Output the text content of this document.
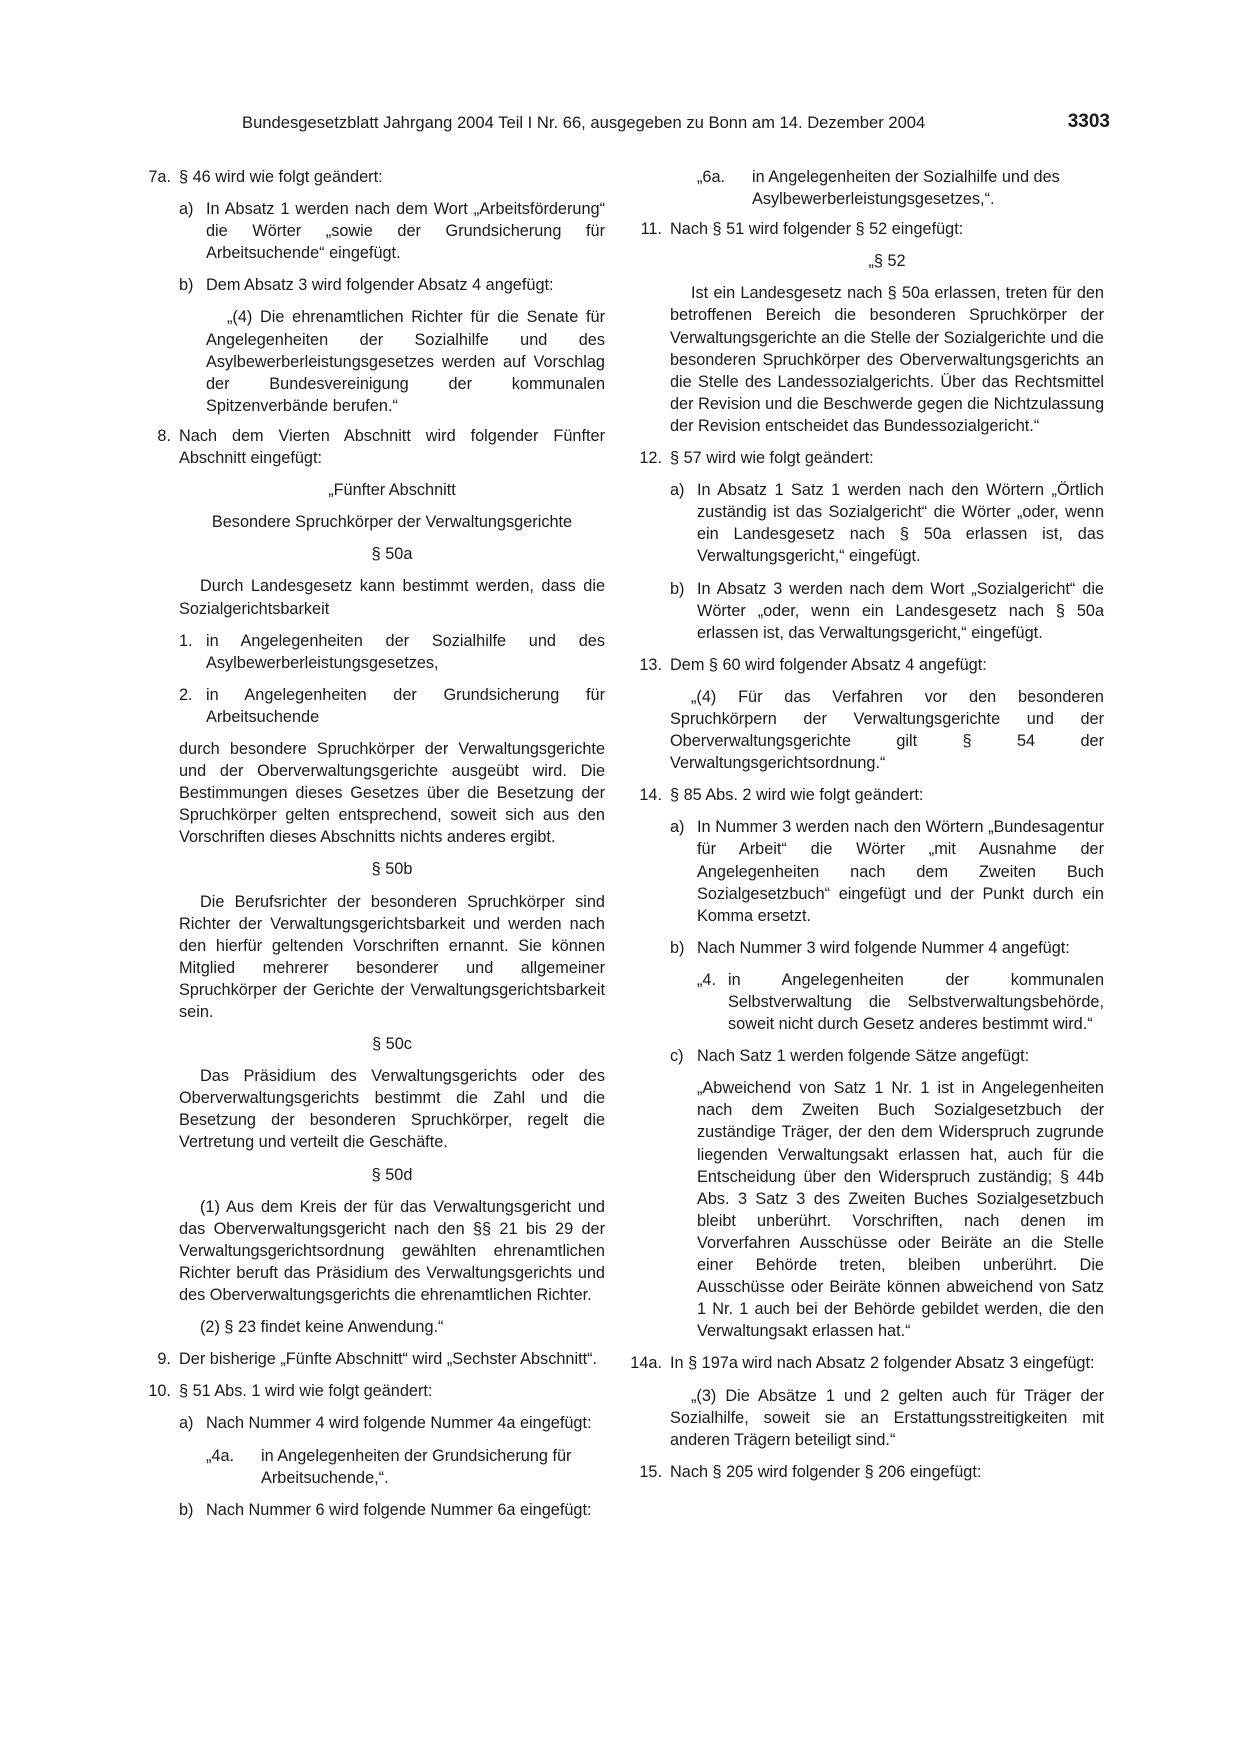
Bundesgesetzblatt Jahrgang 2004 Teil I Nr. 66, ausgegeben zu Bonn am 14. Dezember 2004	3303
7a. § 46 wird wie folgt geändert:

a) In Absatz 1 werden nach dem Wort „Arbeitsförderung“ die Wörter „sowie der Grundsicherung für Arbeitsuchende“ eingefügt.

b) Dem Absatz 3 wird folgender Absatz 4 angefügt:

„(4) Die ehrenamtlichen Richter für die Senate für Angelegenheiten der Sozialhilfe und des Asylbewerberleistungsgesetzes werden auf Vorschlag der Bundesvereinigung der kommunalen Spitzenverbände berufen.“

8. Nach dem Vierten Abschnitt wird folgender Fünfter Abschnitt eingefügt:

„Fünfter Abschnitt

Besondere Spruchkörper der Verwaltungsgerichte

§ 50a

Durch Landesgesetz kann bestimmt werden, dass die Sozialgerichtsbarkeit

1. in Angelegenheiten der Sozialhilfe und des Asylbewerberleistungsgesetzes,

2. in Angelegenheiten der Grundsicherung für Arbeitsuchende

durch besondere Spruchkörper der Verwaltungsgerichte und der Oberverwaltungsgerichte ausgeübt wird. Die Bestimmungen dieses Gesetzes über die Besetzung der Spruchkörper gelten entsprechend, soweit sich aus den Vorschriften dieses Abschnitts nichts anderes ergibt.

§ 50b

Die Berufsrichter der besonderen Spruchkörper sind Richter der Verwaltungsgerichtsbarkeit und werden nach den hierfür geltenden Vorschriften ernannt. Sie können Mitglied mehrerer besonderer und allgemeiner Spruchkörper der Gerichte der Verwaltungsgerichtsbarkeit sein.

§ 50c

Das Präsidium des Verwaltungsgerichts oder des Oberverwaltungsgerichts bestimmt die Zahl und die Besetzung der besonderen Spruchkörper, regelt die Vertretung und verteilt die Geschäfte.

§ 50d

(1) Aus dem Kreis der für das Verwaltungsgericht und das Oberverwaltungsgericht nach den §§ 21 bis 29 der Verwaltungsgerichtsordnung gewählten ehrenamtlichen Richter beruft das Präsidium des Verwaltungsgerichts und des Oberverwaltungsgerichts die ehrenamtlichen Richter.

(2) § 23 findet keine Anwendung.“

9. Der bisherige „Fünfte Abschnitt“ wird „Sechster Abschnitt“.

10. § 51 Abs. 1 wird wie folgt geändert:

a) Nach Nummer 4 wird folgende Nummer 4a eingefügt:

„4a. in Angelegenheiten der Grundsicherung für Arbeitsuchende,“.

b) Nach Nummer 6 wird folgende Nummer 6a eingefügt:

„6a. in Angelegenheiten der Sozialhilfe und des Asylbewerberleistungsgesetzes,“.

11. Nach § 51 wird folgender § 52 eingefügt:

„§ 52

Ist ein Landesgesetz nach § 50a erlassen, treten für den betroffenen Bereich die besonderen Spruchkörper der Verwaltungsgerichte an die Stelle der Sozialgerichte und die besonderen Spruchkörper des Oberverwaltungsgerichts an die Stelle des Landessozialgerichts. Über das Rechtsmittel der Revision und die Beschwerde gegen die Nichtzulassung der Revision entscheidet das Bundessozialgericht.“

12. § 57 wird wie folgt geändert:

a) In Absatz 1 Satz 1 werden nach den Wörtern „Örtlich zuständig ist das Sozialgericht“ die Wörter „oder, wenn ein Landesgesetz nach § 50a erlassen ist, das Verwaltungsgericht,“ eingefügt.

b) In Absatz 3 werden nach dem Wort „Sozialgericht“ die Wörter „oder, wenn ein Landesgesetz nach § 50a erlassen ist, das Verwaltungsgericht,“ eingefügt.

13. Dem § 60 wird folgender Absatz 4 angefügt:

„(4) Für das Verfahren vor den besonderen Spruchkörpern der Verwaltungsgerichte und der Oberverwaltungsgerichte gilt § 54 der Verwaltungsgerichtsordnung.“

14. § 85 Abs. 2 wird wie folgt geändert:

a) In Nummer 3 werden nach den Wörtern „Bundesagentur für Arbeit“ die Wörter „mit Ausnahme der Angelegenheiten nach dem Zweiten Buch Sozialgesetzbuch“ eingefügt und der Punkt durch ein Komma ersetzt.

b) Nach Nummer 3 wird folgende Nummer 4 angefügt:

„4. in Angelegenheiten der kommunalen Selbstverwaltung die Selbstverwaltungsbehörde, soweit nicht durch Gesetz anderes bestimmt wird.“

c) Nach Satz 1 werden folgende Sätze angefügt:

„Abweichend von Satz 1 Nr. 1 ist in Angelegenheiten nach dem Zweiten Buch Sozialgesetzbuch der zuständige Träger, der den dem Widerspruch zugrunde liegenden Verwaltungsakt erlassen hat, auch für die Entscheidung über den Widerspruch zuständig; § 44b Abs. 3 Satz 3 des Zweiten Buches Sozialgesetzbuch bleibt unberührt. Vorschriften, nach denen im Vorverfahren Ausschüsse oder Beiräte an die Stelle einer Behörde treten, bleiben unberührt. Die Ausschüsse oder Beiräte können abweichend von Satz 1 Nr. 1 auch bei der Behörde gebildet werden, die den Verwaltungsakt erlassen hat.“

14a. In § 197a wird nach Absatz 2 folgender Absatz 3 eingefügt:

„(3) Die Absätze 1 und 2 gelten auch für Träger der Sozialhilfe, soweit sie an Erstattungsstreitigkeiten mit anderen Trägern beteiligt sind.“

15. Nach § 205 wird folgender § 206 eingefügt:
